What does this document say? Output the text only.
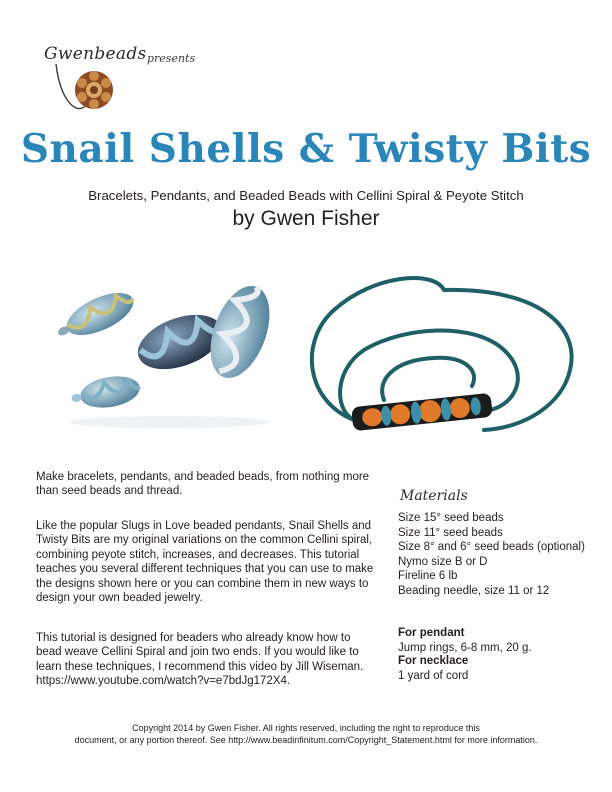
Gwenbeads presents
Snail Shells & Twisty Bits
Bracelets, Pendants, and Beaded Beads with Cellini Spiral & Peyote Stitch
by Gwen Fisher
Make bracelets, pendants, and beaded beads, from nothing more than seed beads and thread.
Like the popular Slugs in Love beaded pendants, Snail Shells and Twisty Bits are my original variations on the common Cellini spiral, combining peyote stitch, increases, and decreases. This tutorial teaches you several different techniques that you can use to make the designs shown here or you can combine them in new ways to design your own beaded jewelry.
This tutorial is designed for beaders who already know how to bead weave Cellini Spiral and join two ends. If you would like to learn these techniques, I recommend this video by Jill Wiseman. https://www.youtube.com/watch?v=e7bdJg172X4.
Materials
Size 15° seed beads
Size 11° seed beads
Size 8° and 6° seed beads (optional)
Nymo size B or D
Fireline 6 lb
Beading needle, size 11 or 12
For pendant
Jump rings, 6-8 mm, 20 g.
For necklace
1 yard of cord
Copyright 2014 by Gwen Fisher. All rights reserved, including the right to reproduce this
document, or any portion thereof. See http://www.beadinfinitum.com/Copyright_Statement.html for more information.
